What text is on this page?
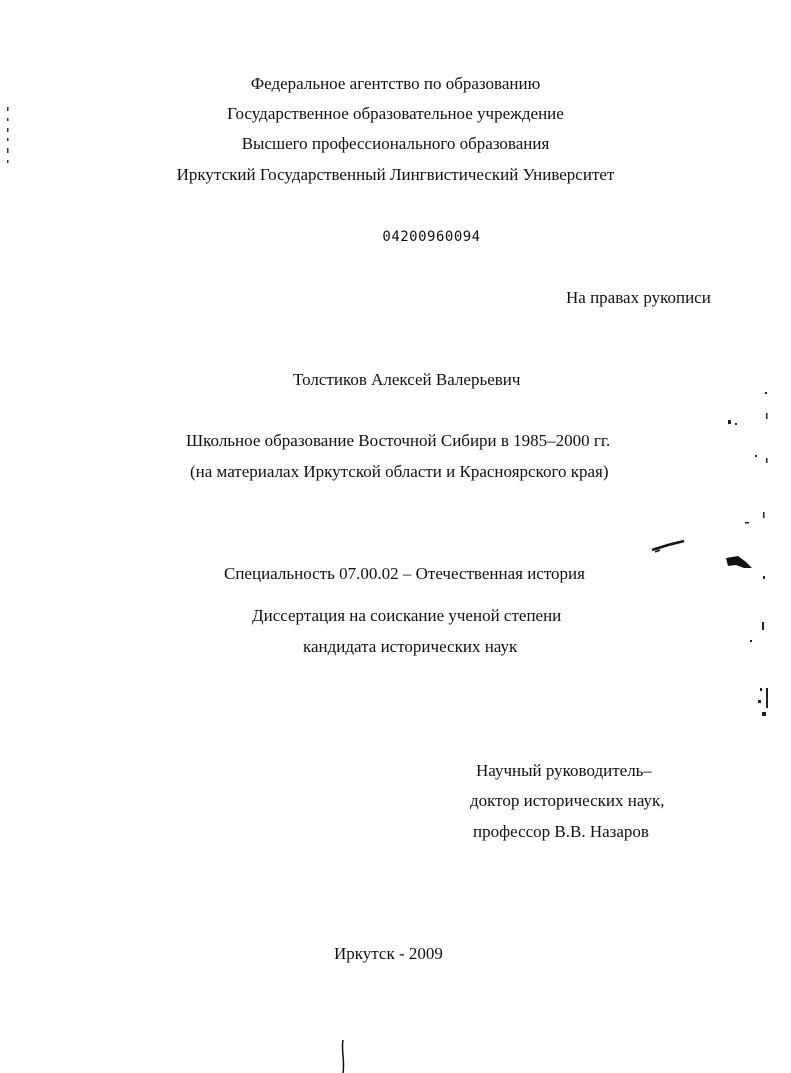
Федеральное агентство по образованию
Государственное образовательное учреждение
Высшего профессионального образования
Иркутский Государственный Лингвистический Университет
04200960094
На правах рукописи
Толстиков Алексей Валерьевич
Школьное образование Восточной Сибири в 1985–2000 гг.
(на материалах Иркутской области и Красноярского края)
Специальность 07.00.02 – Отечественная история
Диссертация на соискание ученой степени
кандидата исторических наук
Научный руководитель–
доктор исторических наук,
профессор В.В. Назаров
Иркутск - 2009
